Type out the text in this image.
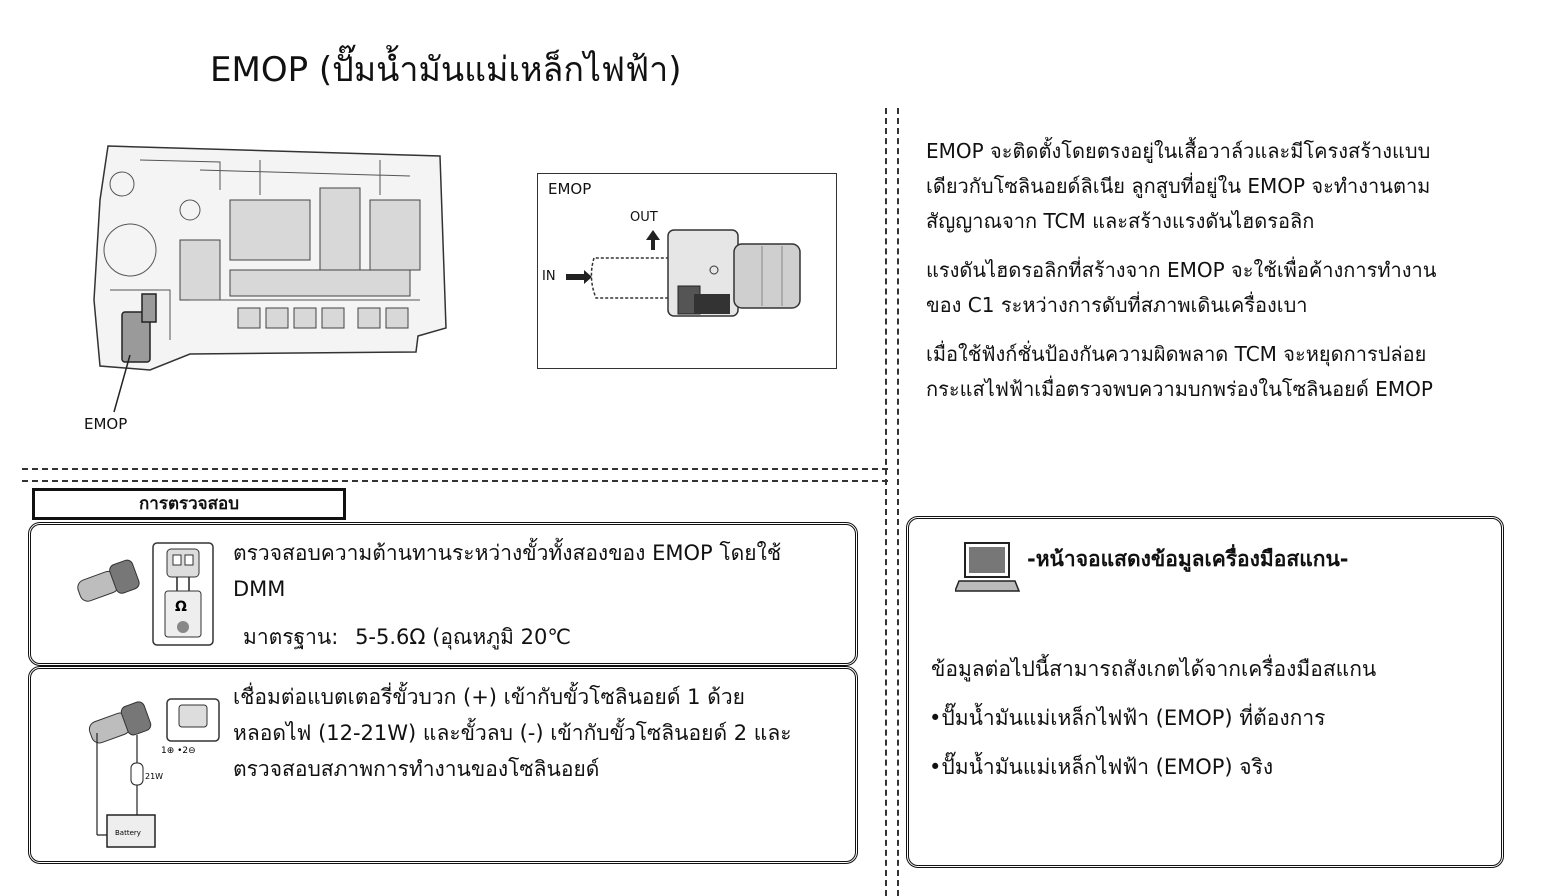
EMOP (ปั๊มน้ำมันแม่เหล็กไฟฟ้า)
EMOP
EMOP
OUT
IN
EMOP จะติดตั้งโดยตรงอยู่ในเสื้อวาล์วและมีโครงสร้างแบบ
เดียวกับโซลินอยด์ลิเนีย ลูกสูบที่อยู่ใน EMOP จะทำงานตาม
สัญญาณจาก TCM และสร้างแรงดันไฮดรอลิก
แรงดันไฮดรอลิกที่สร้างจาก EMOP จะใช้เพื่อค้างการทำงาน
ของ C1 ระหว่างการดับที่สภาพเดินเครื่องเบา
เมื่อใช้ฟังก์ชั่นป้องกันความผิดพลาด TCM จะหยุดการปล่อย
กระแสไฟฟ้าเมื่อตรวจพบความบกพร่องในโซลินอยด์ EMOP
การตรวจสอบ
Ω
ตรวจสอบความต้านทานระหว่างขั้วทั้งสองของ EMOP โดยใช้
DMM
มาตรฐาน: 5-5.6Ω (อุณหภูมิ 20℃
1⊕ •2⊖
21W
Battery
เชื่อมต่อแบตเตอรี่ขั้วบวก (+) เข้ากับขั้วโซลินอยด์ 1 ด้วย
หลอดไฟ (12-21W) และขั้วลบ (-) เข้ากับขั้วโซลินอยด์ 2 และ
ตรวจสอบสภาพการทำงานของโซลินอยด์
-หน้าจอแสดงข้อมูลเครื่องมือสแกน-
ข้อมูลต่อไปนี้สามารถสังเกตได้จากเครื่องมือสแกน
•ปั๊มน้ำมันแม่เหล็กไฟฟ้า (EMOP) ที่ต้องการ
•ปั๊มน้ำมันแม่เหล็กไฟฟ้า (EMOP) จริง
